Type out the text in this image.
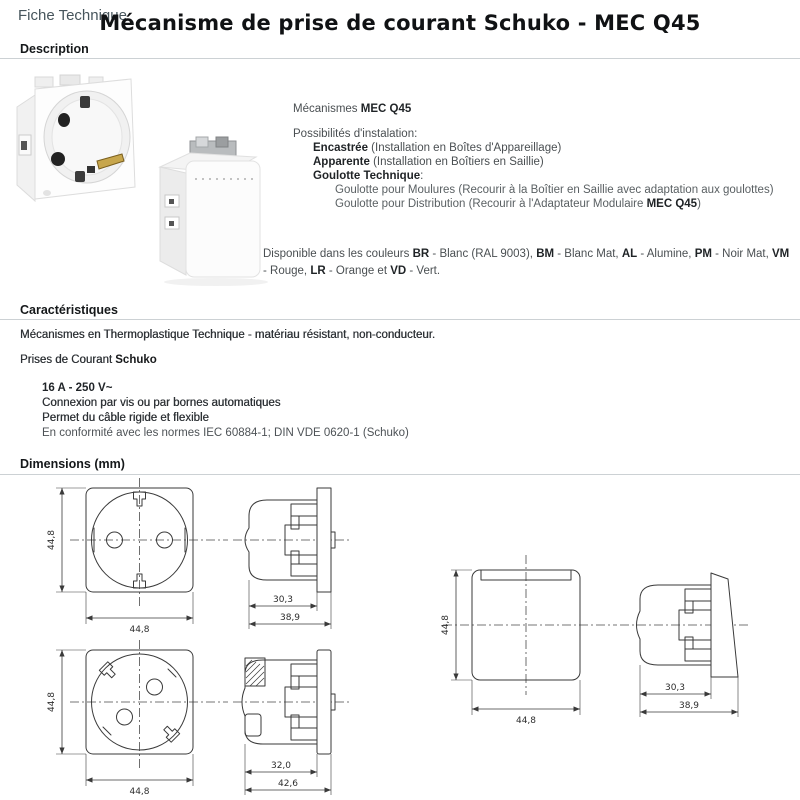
Fiche Technique
Mécanisme de prise de courant Schuko - MEC Q45
Description
Mécanismes MEC Q45
Possibilités d'instalation:
Encastrée (Installation en Boîtes d'Appareillage)
Apparente (Installation en Boîtiers en Saillie)
Goulotte Technique:
Goulotte pour Moulures (Recourir à la Boîtier en Saillie avec adaptation aux goulottes)
Goulotte pour Distribution (Recourir à l'Adaptateur Modulaire MEC Q45)
Disponible dans les couleurs BR - Blanc (RAL 9003), BM - Blanc Mat, AL - Alumine, PM - Noir Mat, VM - Rouge, LR - Orange et VD - Vert.
Caractéristiques
Mécanismes en Thermoplastique Technique - matériau résistant, non-conducteur.
Prises de Courant Schuko
16 A - 250 V~
Connexion par vis ou par bornes automatiques
Permet du câble rigide et flexible
En conformité avec les normes IEC 60884-1; DIN VDE 0620-1 (Schuko)
Dimensions (mm)
44,8
44,8
30,3
38,9
44,8
44,8
32,0
42,6
44,8
44,8
30,3
38,9
